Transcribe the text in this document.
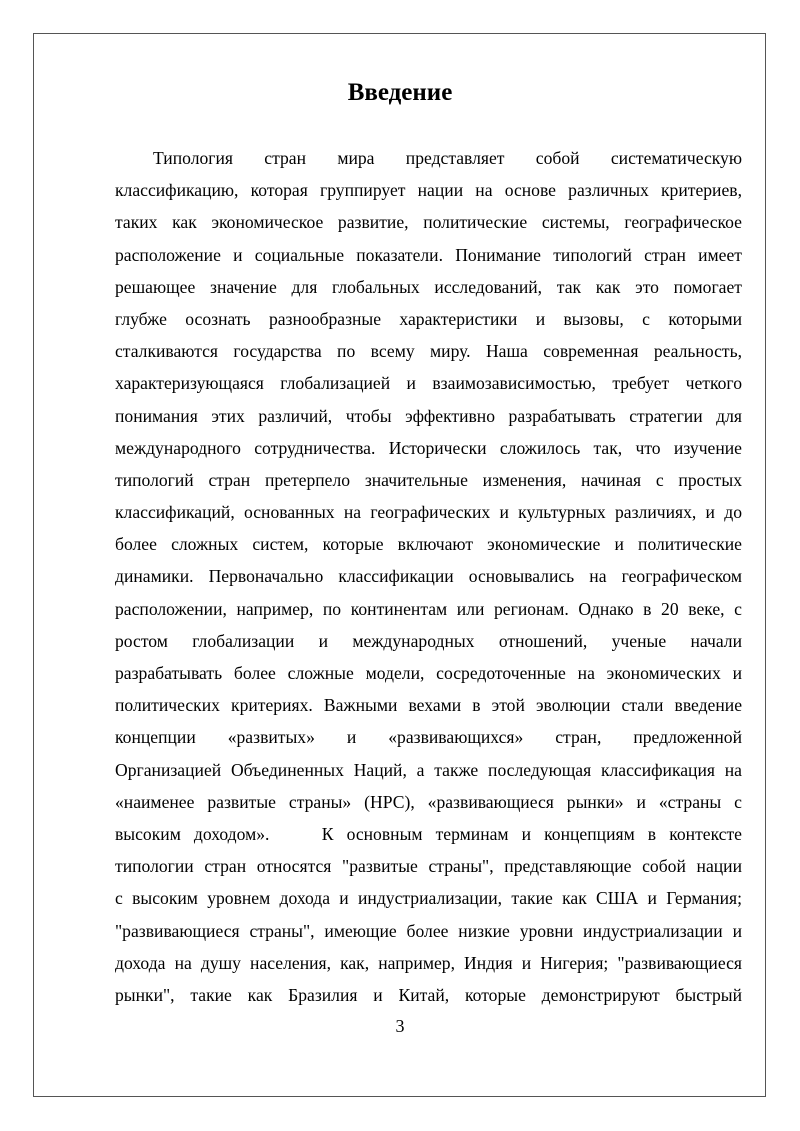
Введение
Типология стран мира представляет собой систематическую
классификацию, которая группирует нации на основе различных критериев,
таких как экономическое развитие, политические системы, географическое
расположение и социальные показатели. Понимание типологий стран имеет
решающее значение для глобальных исследований, так как это помогает
глубже осознать разнообразные характеристики и вызовы, с которыми
сталкиваются государства по всему миру. Наша современная реальность,
характеризующаяся глобализацией и взаимозависимостью, требует четкого
понимания этих различий, чтобы эффективно разрабатывать стратегии для
международного сотрудничества. Исторически сложилось так, что изучение
типологий стран претерпело значительные изменения, начиная с простых
классификаций, основанных на географических и культурных различиях, и до
более сложных систем, которые включают экономические и политические
динамики. Первоначально классификации основывались на географическом
расположении, например, по континентам или регионам. Однако в 20 веке, с
ростом глобализации и международных отношений, ученые начали
разрабатывать более сложные модели, сосредоточенные на экономических и
политических критериях. Важными вехами в этой эволюции стали введение
концепции «развитых» и «развивающихся» стран, предложенной
Организацией Объединенных Наций, а также последующая классификация на
«наименее развитые страны» (НРС), «развивающиеся рынки» и «страны с
высоким доходом».    К основным терминам и концепциям в контексте
типологии стран относятся "развитые страны", представляющие собой нации
с высоким уровнем дохода и индустриализации, такие как США и Германия;
"развивающиеся страны", имеющие более низкие уровни индустриализации и
дохода на душу населения, как, например, Индия и Нигерия; "развивающиеся
рынки", такие как Бразилия и Китай, которые демонстрируют быстрый
3
